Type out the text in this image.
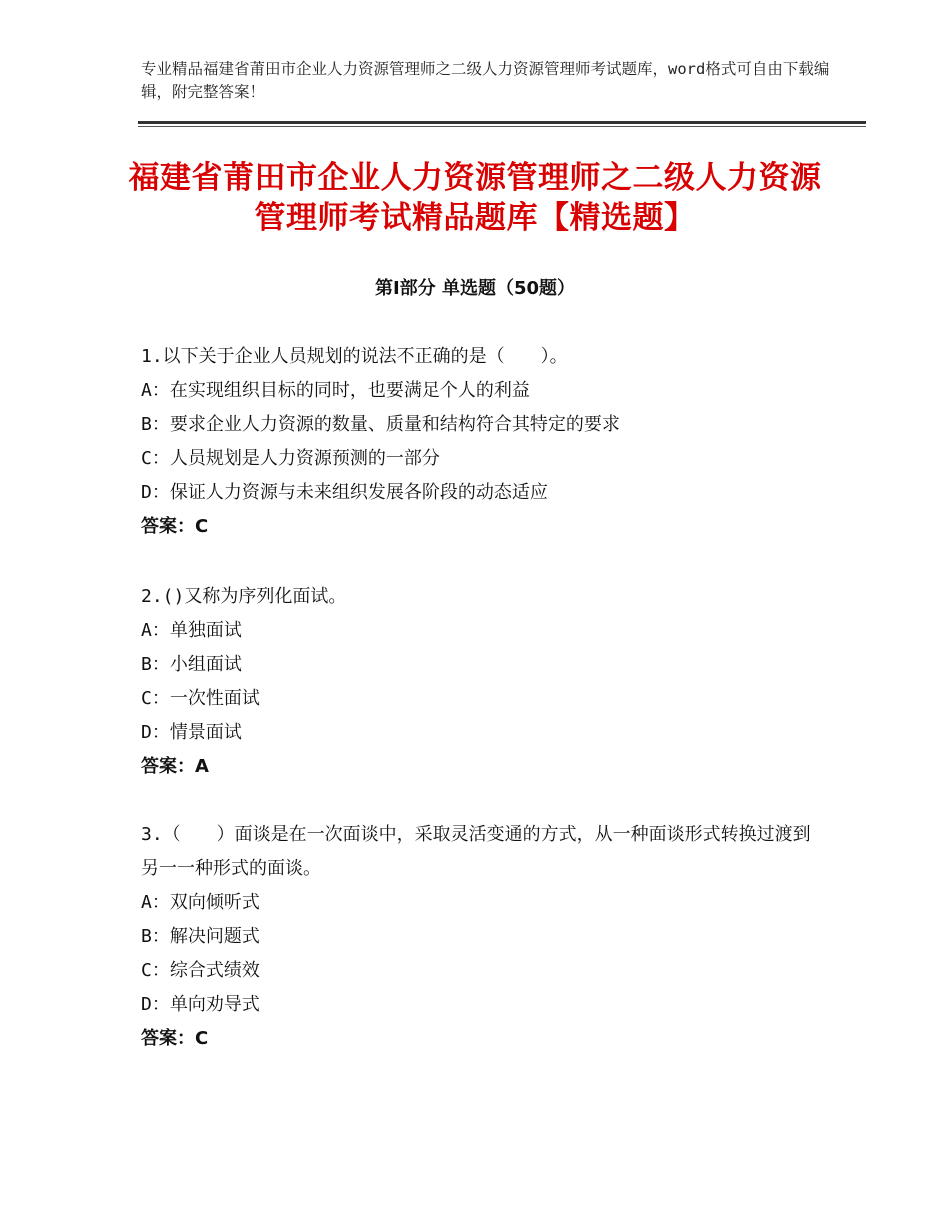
专业精品福建省莆田市企业人力资源管理师之二级人力资源管理师考试题库，word格式可自由下载编辑，附完整答案！
福建省莆田市企业人力资源管理师之二级人力资源管理师考试精品题库【精选题】
第Ⅰ部分 单选题（50题）
1.以下关于企业人员规划的说法不正确的是（　　）。
A：在实现组织目标的同时，也要满足个人的利益
B：要求企业人力资源的数量、质量和结构符合其特定的要求
C：人员规划是人力资源预测的一部分
D：保证人力资源与未来组织发展各阶段的动态适应
答案：C
2.()又称为序列化面试。
A：单独面试
B：小组面试
C：一次性面试
D：情景面试
答案：A
3.（　　）面谈是在一次面谈中，采取灵活变通的方式，从一种面谈形式转换过渡到另一一种形式的面谈。
A：双向倾听式
B：解决问题式
C：综合式绩效
D：单向劝导式
答案：C
